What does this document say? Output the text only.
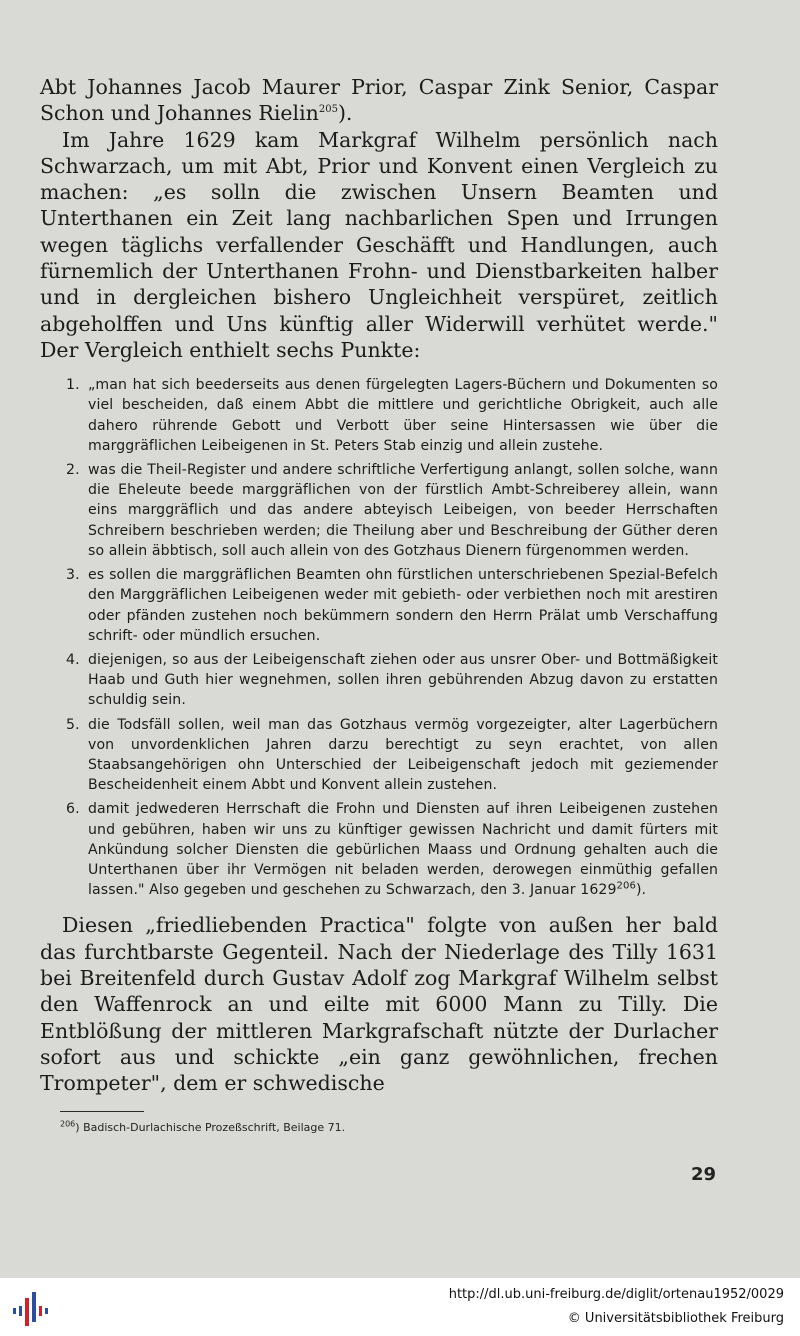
Abt Johannes Jacob Maurer Prior, Caspar Zink Senior, Caspar Schon und Johannes Rielin$^{205}$).

Im Jahre 1629 kam Markgraf Wilhelm persönlich nach Schwarzach, um mit Abt, Prior und Konvent einen Vergleich zu machen: „es solln die zwischen Unsern Beamten und Unterthanen ein Zeit lang nachbarlichen Spen und Irrungen wegen täglichs verfallender Geschäfft und Handlungen, auch fürnemlich der Unterthanen Frohn- und Dienstbarkeiten halber und in dergleichen bishero Ungleichheit verspüret, zeitlich abgeholffen und Uns künftig aller Widerwill verhütet werde." Der Vergleich enthielt sechs Punkte:

1. „man hat sich beederseits aus denen fürgelegten Lagers-Büchern und Dokumenten so viel bescheiden, daß einem Abbt die mittlere und gerichtliche Obrigkeit, auch alle dahero rührende Gebott und Verbott über seine Hintersassen wie über die marggräflichen Leibeigenen in St. Peters Stab einzig und allein zustehe.
2. was die Theil-Register und andere schriftliche Verfertigung anlangt, sollen solche, wann die Eheleute beede marggräflichen von der fürstlich Ambt-Schreiberey allein, wann eins marggräflich und das andere abteyisch Leibeigen, von beeder Herrschaften Schreibern beschrieben werden; die Theilung aber und Beschreibung der Güther deren so allein äbbtisch, soll auch allein von des Gotzhaus Dienern fürgenommen werden.
3. es sollen die marggräflichen Beamten ohn fürstlichen unterschriebenen Spezial-Befelch den Marggräflichen Leibeigenen weder mit gebieth- oder verbiethen noch mit arestiren oder pfänden zustehen noch bekümmern sondern den Herrn Prälat umb Verschaffung schrift- oder mündlich ersuchen.
4. diejenigen, so aus der Leibeigenschaft ziehen oder aus unsrer Ober- und Bottmäßigkeit Haab und Guth hier wegnehmen, sollen ihren gebührenden Abzug davon zu erstatten schuldig sein.
5. die Todsfäll sollen, weil man das Gotzhaus vermög vorgezeigter, alter Lagerbüchern von unvordenklichen Jahren darzu berechtigt zu seyn erachtet, von allen Staabsangehörigen ohn Unterschied der Leibeigenschaft jedoch mit geziemender Bescheidenheit einem Abbt und Konvent allein zustehen.
6. damit jedwederen Herrschaft die Frohn und Diensten auf ihren Leibeigenen zustehen und gebühren, haben wir uns zu künftiger gewissen Nachricht und damit fürters mit Ankündung solcher Diensten die gebürlichen Maass und Ordnung gehalten auch die Unterthanen über ihr Vermögen nit beladen werden, derowegen einmüthig gefallen lassen." Also gegeben und geschehen zu Schwarzach, den 3. Januar 1629$^{206}$).

Diesen „friedliebenden Practica" folgte von außen her bald das furchtbarste Gegenteil. Nach der Niederlage des Tilly 1631 bei Breitenfeld durch Gustav Adolf zog Markgraf Wilhelm selbst den Waffenrock an und eilte mit 6000 Mann zu Tilly. Die Entblößung der mittleren Markgrafschaft nützte der Durlacher sofort aus und schickte „ein ganz gewöhnlichen, frechen Trompeter", dem er schwedische

$^{206}$) Badisch-Durlachische Prozeßschrift, Beilage 71.
29
http://dl.ub.uni-freiburg.de/diglit/ortenau1952/0029
© Universitätsbibliothek Freiburg
